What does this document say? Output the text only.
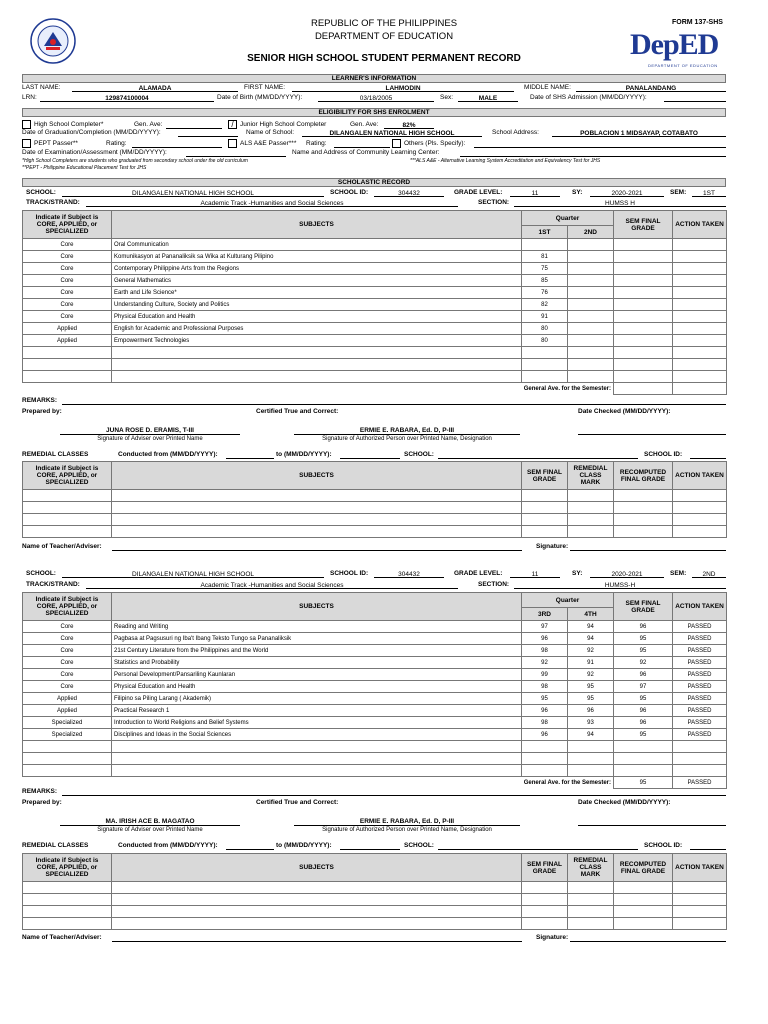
REPUBLIC OF THE PHILIPPINES
DEPARTMENT OF EDUCATION
SENIOR HIGH SCHOOL STUDENT PERMANENT RECORD
FORM 137-SHS
DepED
DEPARTMENT OF EDUCATION
LEARNER'S INFORMATION
LAST NAME:	ALAMADA	FIRST NAME:	LAHMODIN	MIDDLE NAME:	PANALANDANG
LRN:	129874100004	Date of Birth (MM/DD/YYYY):	03/18/2005	Sex:	MALE	Date of SHS Admission (MM/DD/YYYY):
ELIGIBILITY FOR SHS ENROLMENT
High School Completer*	Gen. Ave:	/ Junior High School Completer	Gen. Ave:	82%
Date of Graduation/Completion (MM/DD/YYYY):	Name of School:	DILANGALEN NATIONAL HIGH SCHOOL	School Address:	POBLACION 1 MIDSAYAP, COTABATO
PEPT Passer**	Rating:	ALS A&E Passer*** Rating:	Others (Pls. Specify):
Date of Examination/Assessment (MM/DD/YYYY):	Name and Address of Community Learning Center:
*High School Completers are students who graduated from secondary school under the old curriculum	***ALS A&E - Alternative Learning System Accreditation and Equivalency Test for JHS
**PEPT - Philippine Educational Placement Test for JHS
SCHOLASTIC RECORD
SCHOOL:	DILANGALEN NATIONAL HIGH SCHOOL	SCHOOL ID:	304432	GRADE LEVEL:	11	SY:	2020-2021	SEM:	1ST
TRACK/STRAND:	Academic Track -Humanities and Social Sciences	SECTION:	HUMSS H
Indicate if Subject is CORE, APPLIED, or SPECIALIZED	SUBJECTS	Quarter		SEM FINAL GRADE	ACTION TAKEN
		1ST	2ND		
Core	Oral Communication				
Core	Komunikasyon at Pananaliksik sa Wika at Kulturang Pilipino	81			
Core	Contemporary Philippine Arts from the Regions	75			
Core	General Mathematics	85			
Core	Earth and Life Science*	76			
Core	Understanding Culture, Society and Politics	82			
Core	Physical Education and Health	91			
Applied	English for Academic and Professional Purposes	80			
Applied	Empowerment Technologies	80			

General Ave. for the Semester:					
REMARKS:
Prepared by:	Certified True and Correct:	Date Checked (MM/DD/YYYY):
JUNA ROSE D. ERAMIS, T-III
Signature of Adviser over Printed Name
ERMIE E. RABARA, Ed. D, P-III
Signature of Authorized Person over Printed Name, Designation
REMEDIAL CLASSES	Conducted from (MM/DD/YYYY):	to (MM/DD/YYYY):	SCHOOL:	SCHOOL ID:
Indicate if Subject is CORE, APPLIED, or SPECIALIZED	SUBJECTS	SEM FINAL GRADE	REMEDIAL CLASS MARK	RECOMPUTED FINAL GRADE	ACTION TAKEN

Name of Teacher/Adviser:	Signature:
SCHOOL:	DILANGALEN NATIONAL HIGH SCHOOL	SCHOOL ID:	304432	GRADE LEVEL:	11	SY:	2020-2021	SEM:	2ND
TRACK/STRAND:	Academic Track -Humanities and Social Sciences	SECTION:	HUMSS-H
Indicate if Subject is CORE, APPLIED, or SPECIALIZED	SUBJECTS	Quarter		SEM FINAL GRADE	ACTION TAKEN
		3RD	4TH		
Core	Reading and Writing	97	94	96	PASSED
Core	Pagbasa at Pagsusuri ng Iba't Ibang Teksto Tungo sa Pananaliksik	96	94	95	PASSED
Core	21st Century Literature from the Philippines and the World	98	92	95	PASSED
Core	Statistics and Probability	92	91	92	PASSED
Core	Personal Development/Pansariling Kaunlaran	99	92	96	PASSED
Core	Physical Education and Health	98	95	97	PASSED
Applied	Filipino sa Piling Larang ( Akademik)	95	95	95	PASSED
Applied	Practical Research 1	96	96	96	PASSED
Specialized	Introduction to World Religions and Belief Systems	98	93	96	PASSED
Specialized	Disciplines and Ideas in the Social Sciences	96	94	95	PASSED

General Ave. for the Semester:				95	PASSED
REMARKS:
Prepared by:	Certified True and Correct:	Date Checked (MM/DD/YYYY):
MA. IRISH ACE B. MAGATAO
Signature of Adviser over Printed Name
ERMIE E. RABARA, Ed. D, P-III
Signature of Authorized Person over Printed Name, Designation
REMEDIAL CLASSES	Conducted from (MM/DD/YYYY):	to (MM/DD/YYYY):	SCHOOL:	SCHOOL ID:
Indicate if Subject is CORE, APPLIED, or SPECIALIZED	SUBJECTS	SEM FINAL GRADE	REMEDIAL CLASS MARK	RECOMPUTED FINAL GRADE	ACTION TAKEN

Name of Teacher/Adviser:	Signature:
